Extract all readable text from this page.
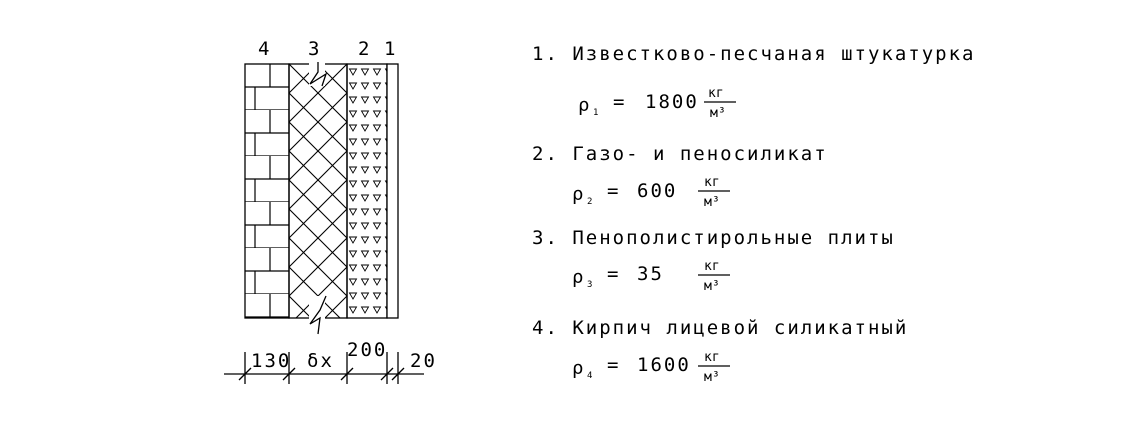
4 3 2 1
130 δx 200 20
1. Известково-песчаная штукатурка
ρ 1 = 1800 кг
м³
2. Газо- и пеносиликат
ρ 2 = 600 кг
м³
3. Пенополистирольные плиты
ρ 3 = 35	кг
м³
4. Кирпич лицевой силикатный
ρ 4 = 1600 кг
м³
